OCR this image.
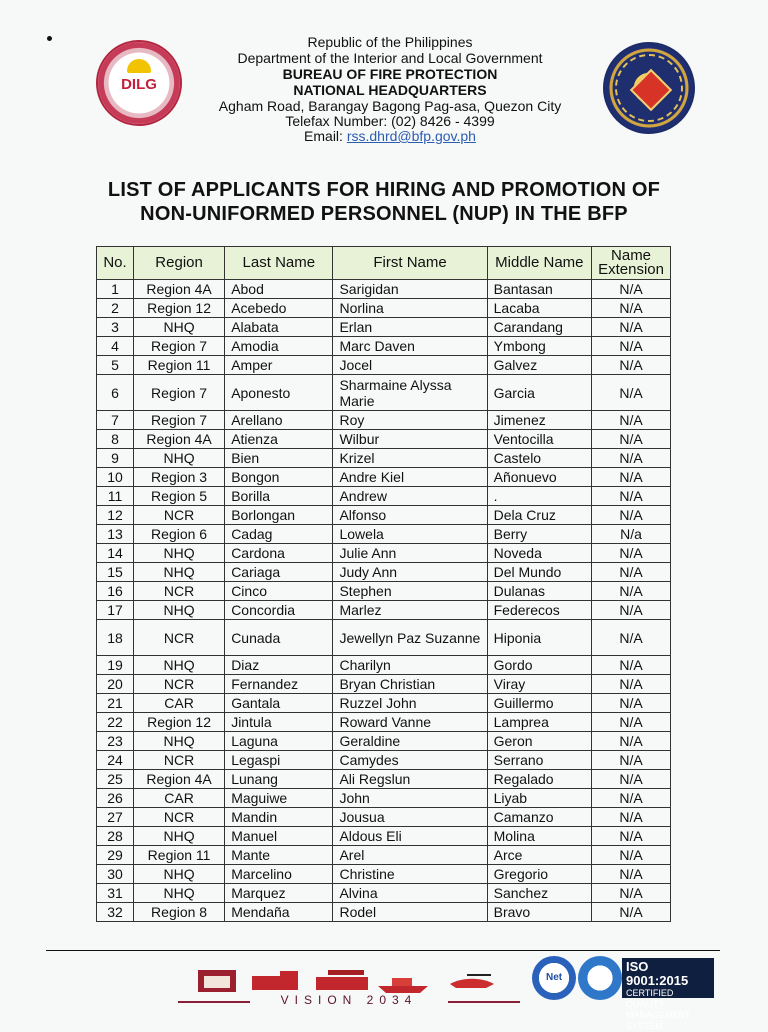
DILG
Republic of the Philippines
Department of the Interior and Local Government
BUREAU OF FIRE PROTECTION
NATIONAL HEADQUARTERS
Agham Road, Barangay Bagong Pag-asa, Quezon City
Telefax Number: (02) 8426 - 4399
Email: rss.dhrd@bfp.gov.ph
LIST OF APPLICANTS FOR HIRING AND PROMOTION OF
NON-UNIFORMED PERSONNEL (NUP) IN THE BFP
No.	Region	Last Name	First Name	Middle Name	Name Extension
1	Region 4A	Abod	Sarigidan	Bantasan	N/A
2	Region 12	Acebedo	Norlina	Lacaba	N/A
3	NHQ	Alabata	Erlan	Carandang	N/A
4	Region 7	Amodia	Marc Daven	Ymbong	N/A
5	Region 11	Amper	Jocel	Galvez	N/A
6	Region 7	Aponesto	Sharmaine Alyssa Marie	Garcia	N/A
7	Region 7	Arellano	Roy	Jimenez	N/A
8	Region 4A	Atienza	Wilbur	Ventocilla	N/A
9	NHQ	Bien	Krizel	Castelo	N/A
10	Region 3	Bongon	Andre Kiel	Añonuevo	N/A
11	Region 5	Borilla	Andrew	.	N/A
12	NCR	Borlongan	Alfonso	Dela Cruz	N/A
13	Region 6	Cadag	Lowela	Berry	N/a
14	NHQ	Cardona	Julie Ann	Noveda	N/A
15	NHQ	Cariaga	Judy Ann	Del Mundo	N/A
16	NCR	Cinco	Stephen	Dulanas	N/A
17	NHQ	Concordia	Marlez	Federecos	N/A
18	NCR	Cunada	Jewellyn Paz Suzanne	Hiponia	N/A
19	NHQ	Diaz	Charilyn	Gordo	N/A
20	NCR	Fernandez	Bryan Christian	Viray	N/A
21	CAR	Gantala	Ruzzel John	Guillermo	N/A
22	Region 12	Jintula	Roward Vanne	Lamprea	N/A
23	NHQ	Laguna	Geraldine	Geron	N/A
24	NCR	Legaspi	Camydes	Serrano	N/A
25	Region 4A	Lunang	Ali Regslun	Regalado	N/A
26	CAR	Maguiwe	John	Liyab	N/A
27	NCR	Mandin	Jousua	Camanzo	N/A
28	NHQ	Manuel	Aldous Eli	Molina	N/A
29	Region 11	Mante	Arel	Arce	N/A
30	NHQ	Marcelino	Christine	Gregorio	N/A
31	NHQ	Marquez	Alvina	Sanchez	N/A
32	Region 8	Mendaña	Rodel	Bravo	N/A
VISION 2034
Net
ISO 9001:2015
CERTIFIED QUALITY MANAGEMENT SYSTEM
